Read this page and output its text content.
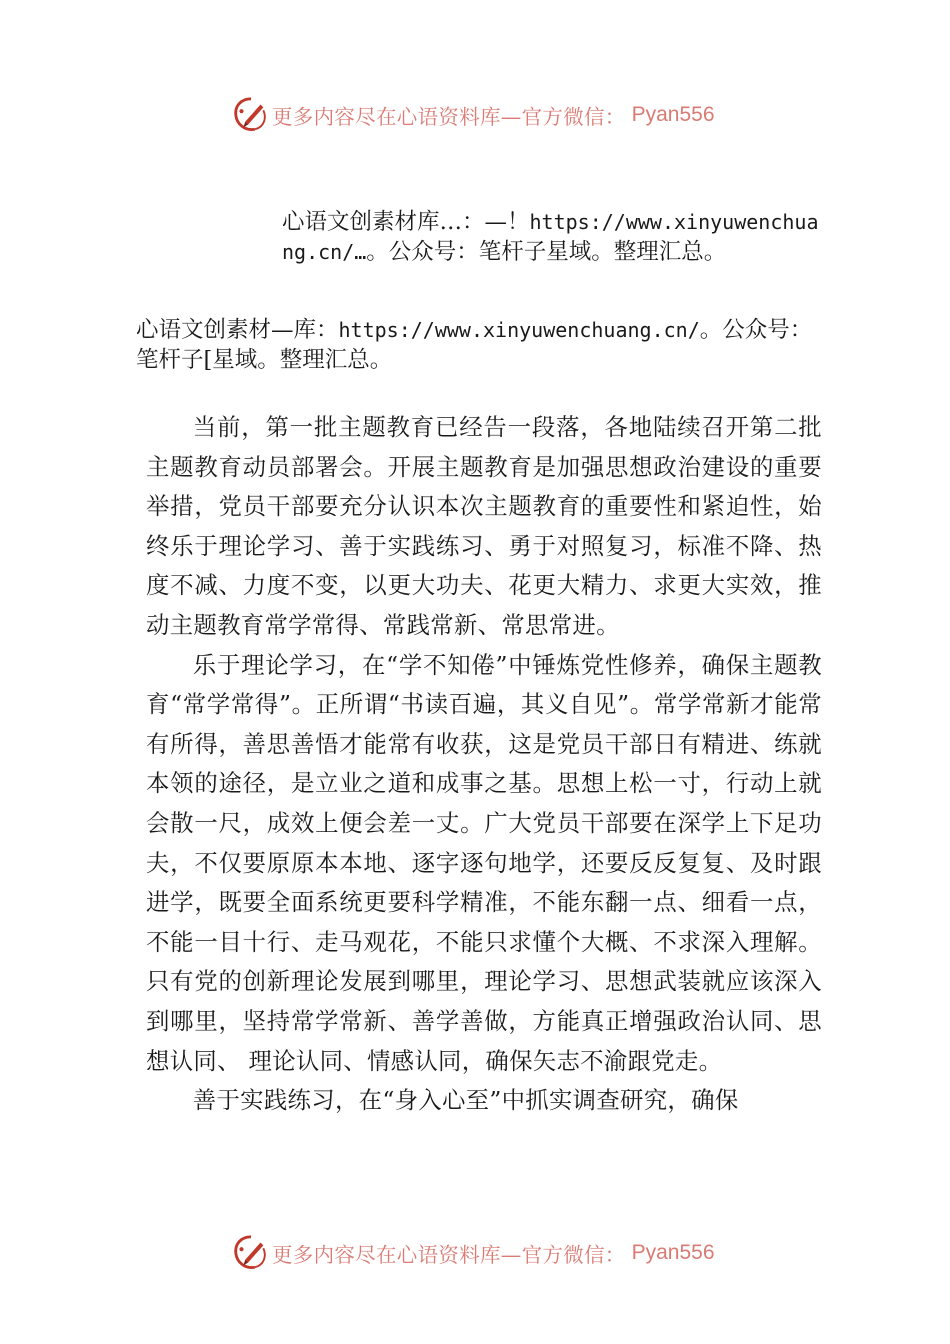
更多内容尽在心语资料库—官方微信： Pyan556

心语文创素材库…：—！https://www.xinyuwenchuang.cn/…。公众号：笔杆子星域。整理汇总。

心语文创素材—库：https://www.xinyuwenchuang.cn/。公众号：笔杆子[星域。整理汇总。

当前，第一批主题教育已经告一段落，各地陆续召开第二批主题教育动员部署会。开展主题教育是加强思想政治建设的重要举措，党员干部要充分认识本次主题教育的重要性和紧迫性，始终乐于理论学习、善于实践练习、勇于对照复习，标准不降、热度不减、力度不变，以更大功夫、花更大精力、求更大实效，推动主题教育常学常得、常践常新、常思常进。

乐于理论学习，在“学不知倦”中锤炼党性修养，确保主题教育“常学常得”。正所谓“书读百遍，其义自见”。常学常新才能常有所得，善思善悟才能常有收获，这是党员干部日有精进、练就本领的途径，是立业之道和成事之基。思想上松一寸，行动上就会散一尺，成效上便会差一丈。广大党员干部要在深学上下足功夫，不仅要原原本本地、逐字逐句地学，还要反反复复、及时跟进学，既要全面系统更要科学精准，不能东翻一点、细看一点，不能一目十行、走马观花，不能只求懂个大概、不求深入理解。只有党的创新理论发展到哪里，理论学习、思想武装就应该深入到哪里，坚持常学常新、善学善做，方能真正增强政治认同、思想认同、 理论认同、情感认同，确保矢志不渝跟党走。

善于实践练习，在“身入心至”中抓实调查研究，确保

更多内容尽在心语资料库—官方微信： Pyan556
